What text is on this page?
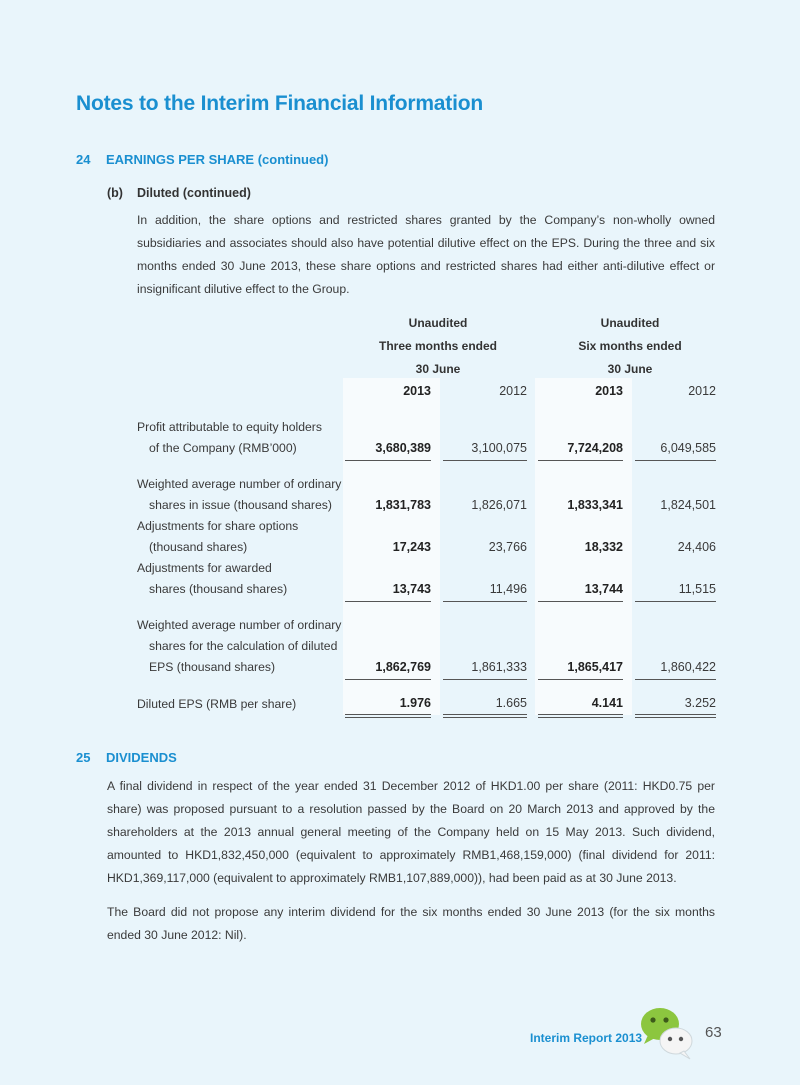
Notes to the Interim Financial Information
24 EARNINGS PER SHARE (continued)
(b) Diluted (continued)

In addition, the share options and restricted shares granted by the Company’s non-wholly owned subsidiaries and associates should also have potential dilutive effect on the EPS. During the three and six months ended 30 June 2013, these share options and restricted shares had either anti-dilutive effect or insignificant dilutive effect to the Group.

Unaudited
Three months ended
30 June
Unaudited
Six months ended
30 June
2013	2012	2013	2012
Profit attributable to equity holders
of the Company (RMB’000)	3,680,389	3,100,075	7,724,208	6,049,585
Weighted average number of ordinary
shares in issue (thousand shares)	1,831,783	1,826,071	1,833,341	1,824,501
Adjustments for share options
(thousand shares)	17,243	23,766	18,332	24,406
Adjustments for awarded
shares (thousand shares)	13,743	11,496	13,744	11,515
Weighted average number of ordinary
shares for the calculation of diluted
EPS (thousand shares)	1,862,769	1,861,333	1,865,417	1,860,422
Diluted EPS (RMB per share)	1.976	1.665	4.141	3.252
25 DIVIDENDS

A final dividend in respect of the year ended 31 December 2012 of HKD1.00 per share (2011: HKD0.75 per share) was proposed pursuant to a resolution passed by the Board on 20 March 2013 and approved by the shareholders at the 2013 annual general meeting of the Company held on 15 May 2013. Such dividend, amounted to HKD1,832,450,000 (equivalent to approximately RMB1,468,159,000) (final dividend for 2011: HKD1,369,117,000 (equivalent to approximately RMB1,107,889,000)), had been paid as at 30 June 2013.

The Board did not propose any interim dividend for the six months ended 30 June 2013 (for the six months ended 30 June 2012: Nil).

Interim Report 2013	63
